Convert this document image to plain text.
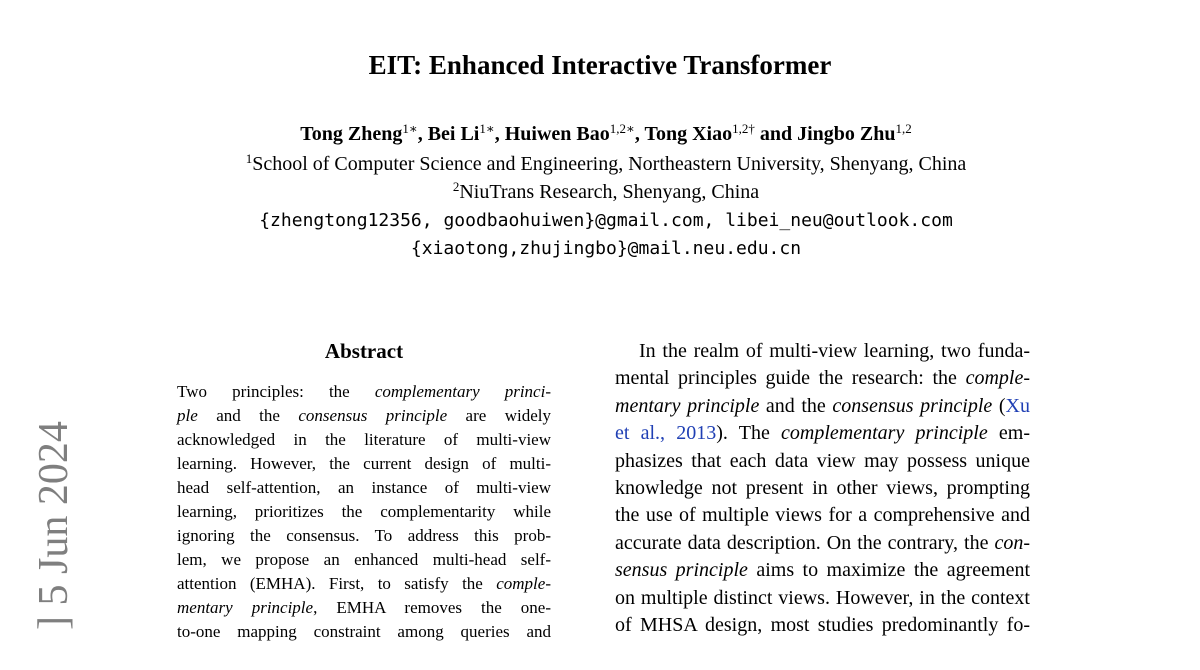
EIT: Enhanced Interactive Transformer
Tong Zheng$^{1∗}$, Bei $Li^{1∗}$, Huiwen Bao$^{1,2∗}$, Tong Xiao$^{1,2\dagger}$ and Jingbo Zhu$^{1,2}$
$^1$School of Computer Science and Engineering, Northeastern University, Shenyang, China
$^2$NiuTrans Research, Shenyang, China
{zhengtong12356, goodbaohuiwen}@gmail.com, libei_neu@outlook.com
{xiaotong,zhujingbo}@mail.neu.edu.cn
] 5 Jun 2024
Abstract
Two principles: the complementary princi-
ple and the consensus principle are widely
acknowledged in the literature of multi-view
learning. However, the current design of multi-
head self-attention, an instance of multi-view
learning, prioritizes the complementarity while
ignoring the consensus. To address this prob-
lem, we propose an enhanced multi-head self-
attention (EMHA). First, to satisfy the comple-
mentary principle, EMHA removes the one-
to-one mapping constraint among queries and
In the realm of multi-view learning, two funda-
mental principles guide the research: the comple-
mentary principle and the consensus principle (Xu
et al., 2013). The complementary principle em-
phasizes that each data view may possess unique
knowledge not present in other views, prompting
the use of multiple views for a comprehensive and
accurate data description. On the contrary, the con-
sensus principle aims to maximize the agreement
on multiple distinct views. However, in the context
of MHSA design, most studies predominantly fo-
